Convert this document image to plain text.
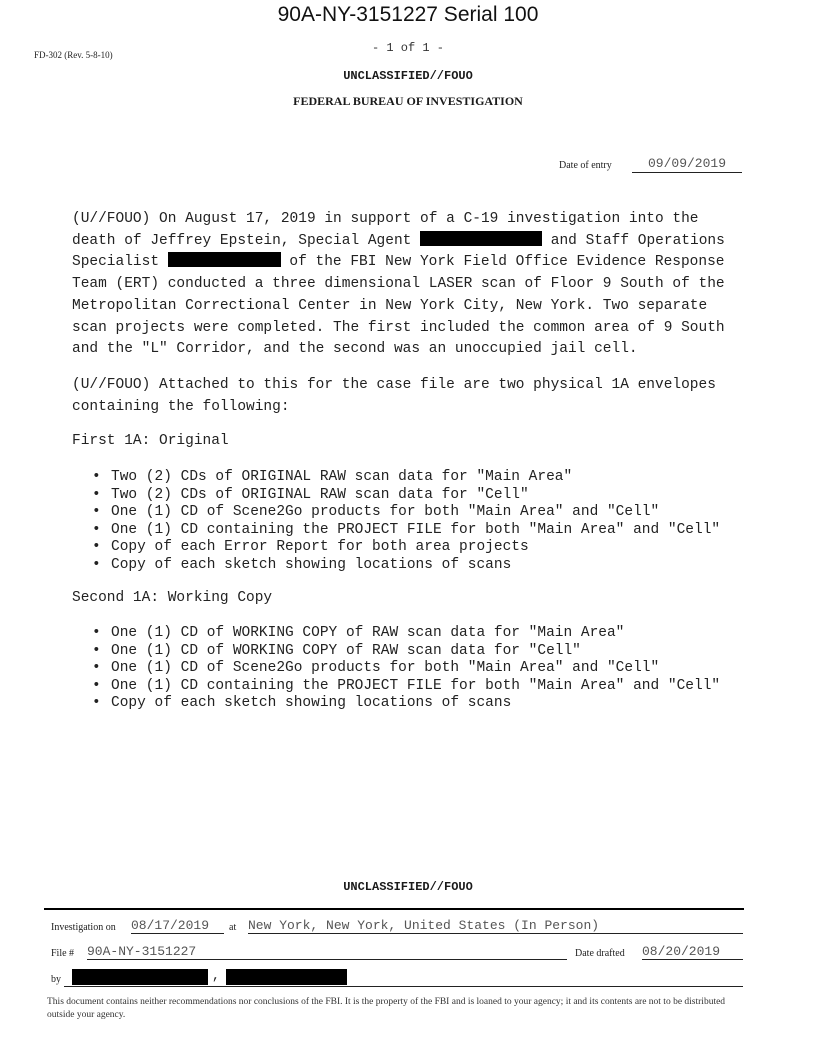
90A-NY-3151227 Serial 100
FD-302 (Rev. 5-8-10)	- 1 of 1 -
UNCLASSIFIED//FOUO
FEDERAL BUREAU OF INVESTIGATION
Date of entry	09/09/2019
(U//FOUO) On August 17, 2019 in support of a C-19 investigation into the death of Jeffrey Epstein, Special Agent	and Staff Operations Specialist	of the FBI New York Field Office Evidence Response Team (ERT) conducted a three dimensional LASER scan of Floor 9 South of the Metropolitan Correctional Center in New York City, New York. Two separate scan projects were completed. The first included the common area of 9 South and the "L" Corridor, and the second was an unoccupied jail cell.
(U//FOUO) Attached to this for the case file are two physical 1A envelopes containing the following:
First 1A: Original
• Two (2) CDs of ORIGINAL RAW scan data for "Main Area"
• Two (2) CDs of ORIGINAL RAW scan data for "Cell"
• One (1) CD of Scene2Go products for both "Main Area" and "Cell"
• One (1) CD containing the PROJECT FILE for both "Main Area" and "Cell"
• Copy of each Error Report for both area projects
• Copy of each sketch showing locations of scans
Second 1A: Working Copy
• One (1) CD of WORKING COPY of RAW scan data for "Main Area"
• One (1) CD of WORKING COPY of RAW scan data for "Cell"
• One (1) CD of Scene2Go products for both "Main Area" and "Cell"
• One (1) CD containing the PROJECT FILE for both "Main Area" and "Cell"
• Copy of each sketch showing locations of scans
UNCLASSIFIED//FOUO
Investigation on 08/17/2019	at New York, New York, United States (In Person)
File # 90A-NY-3151227	Date drafted 08/20/2019
by	,
This document contains neither recommendations nor conclusions of the FBI. It is the property of the FBI and is loaned to your agency; it and its contents are not to be distributed outside your agency.
